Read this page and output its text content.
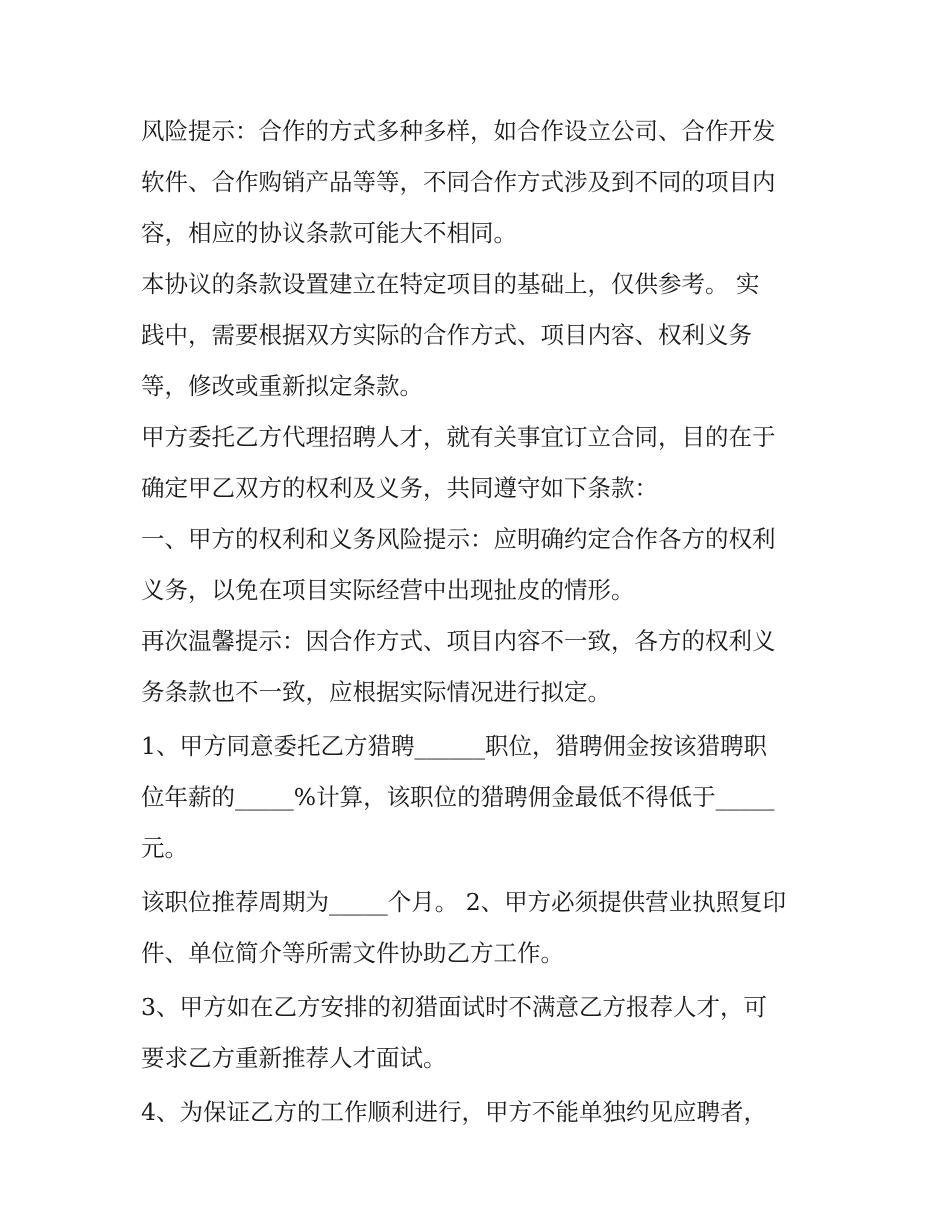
风险提示：合作的方式多种多样，如合作设立公司、合作开发
软件、合作购销产品等等，不同合作方式涉及到不同的项目内
容，相应的协议条款可能大不相同。
本协议的条款设置建立在特定项目的基础上，仅供参考。 实
践中，需要根据双方实际的合作方式、项目内容、权利义务
等，修改或重新拟定条款。
甲方委托乙方代理招聘人才，就有关事宜订立合同，目的在于
确定甲乙双方的权利及义务，共同遵守如下条款：
一、甲方的权利和义务风险提示：应明确约定合作各方的权利
义务，以免在项目实际经营中出现扯皮的情形。
再次温馨提示：因合作方式、项目内容不一致，各方的权利义
务条款也不一致，应根据实际情况进行拟定。
1、甲方同意委托乙方猎聘______职位，猎聘佣金按该猎聘职
位年薪的_____%计算，该职位的猎聘佣金最低不得低于_____
元。
该职位推荐周期为_____个月。 2、甲方必须提供营业执照复印
件、单位简介等所需文件协助乙方工作。
3、甲方如在乙方安排的初猎面试时不满意乙方报荐人才，可
要求乙方重新推荐人才面试。
4、为保证乙方的工作顺利进行，甲方不能单独约见应聘者，
